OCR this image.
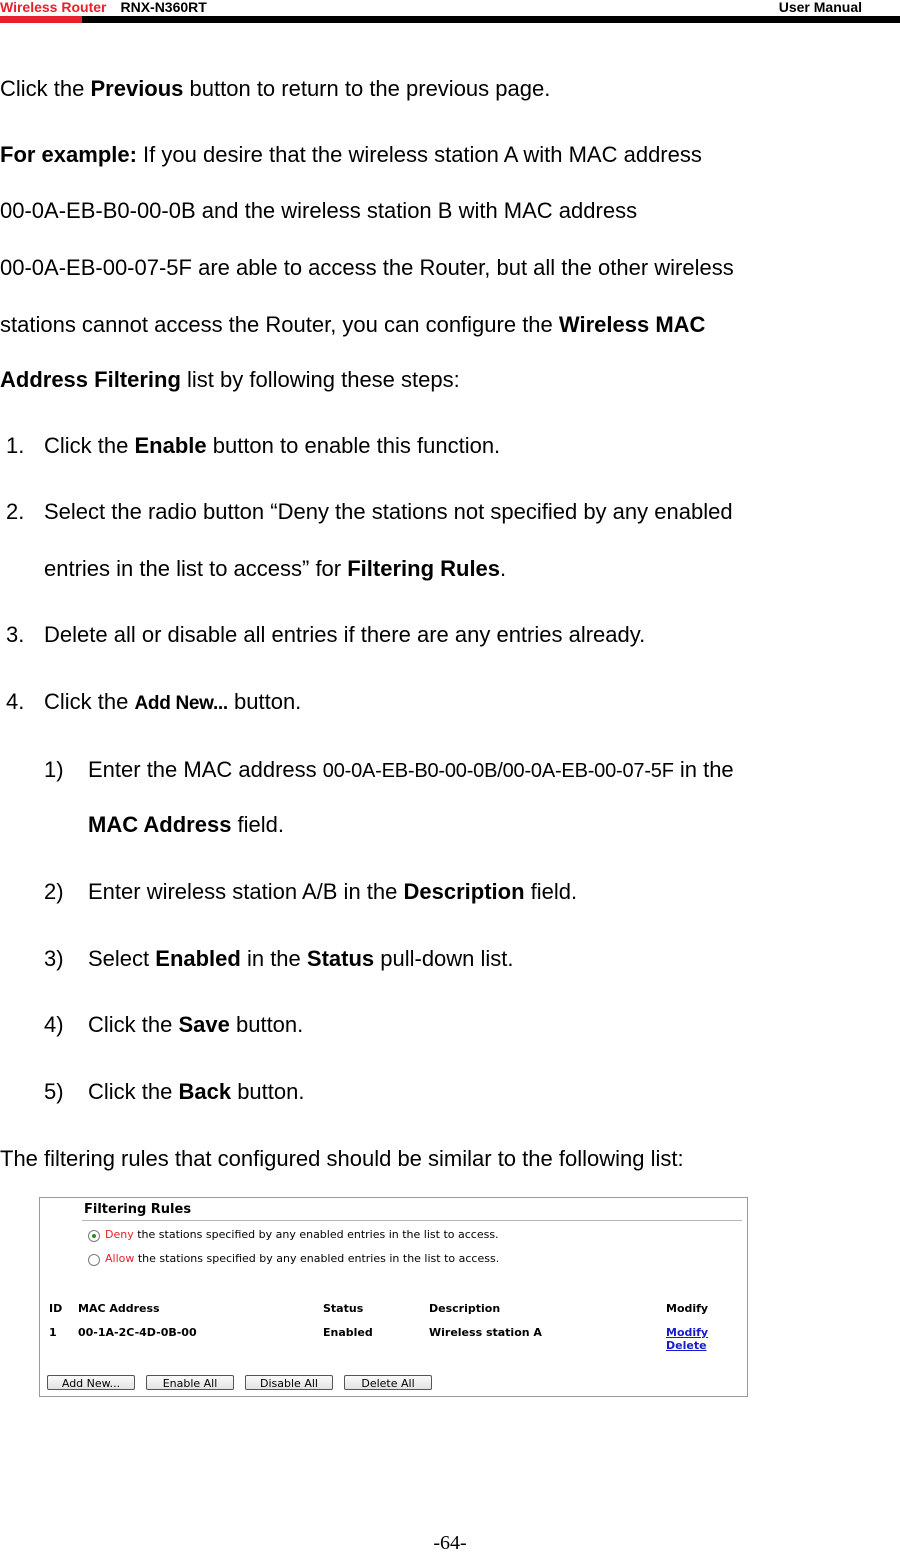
Wireless Router RNX-N360RT	User Manual
Click the Previous button to return to the previous page.
For example: If you desire that the wireless station A with MAC address
00-0A-EB-B0-00-0B and the wireless station B with MAC address
00-0A-EB-00-07-5F are able to access the Router, but all the other wireless
stations cannot access the Router, you can configure the Wireless MAC
Address Filtering list by following these steps:
1. Click the Enable button to enable this function.
2. Select the radio button “Deny the stations not specified by any enabled
entries in the list to access” for Filtering Rules.
3. Delete all or disable all entries if there are any entries already.
4. Click the Add New... button.
1) Enter the MAC address 00-0A-EB-B0-00-0B/00-0A-EB-00-07-5F in the
MAC Address field.
2) Enter wireless station A/B in the Description field.
3) Select Enabled in the Status pull-down list.
4) Click the Save button.
5) Click the Back button.
The filtering rules that configured should be similar to the following list:
Filtering Rules
Deny the stations specified by any enabled entries in the list to access.
Allow the stations specified by any enabled entries in the list to access.
ID MAC Address	Status	Description	Modify
1 00-1A-2C-4D-0B-00	Enabled	Wireless station A	Modify Delete
Add New...	Enable All	Disable All	Delete All
-64-
